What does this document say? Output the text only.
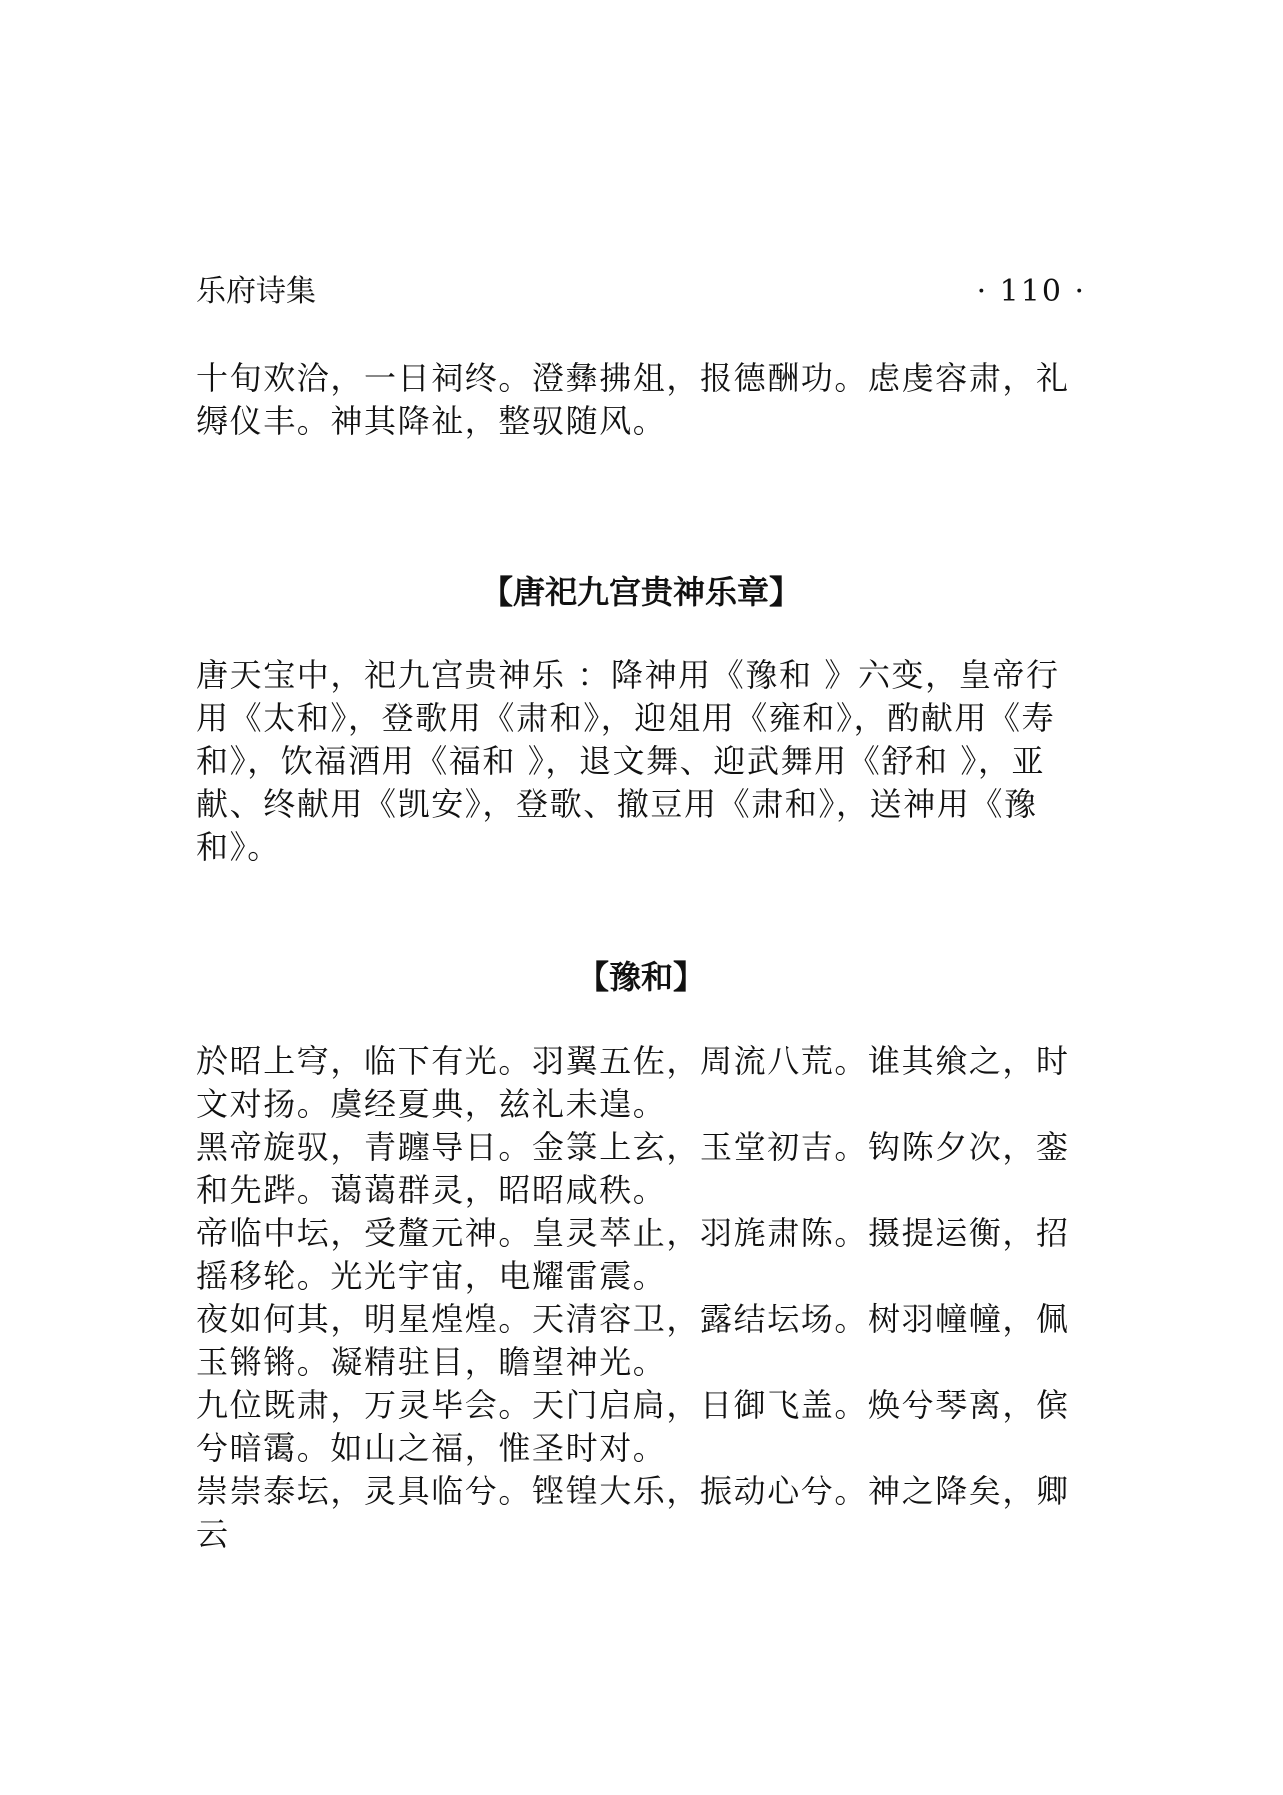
乐府诗集	· 110 ·

十旬欢洽，一日祠终。澄彝拂俎，报德酬功。虑虔容肃，礼缛仪丰。神其降祉，整驭随风。

【唐祀九宫贵神乐章】

唐天宝中，祀九宫贵神乐 ：降神用《豫和 》六变，皇帝行用《太和》，登歌用《肃和》，迎俎用《雍和》，酌献用《寿和》，饮福酒用《福和 》，退文舞、迎武舞用《舒和 》，亚献、终献用《凯安》，登歌、撤豆用《肃和》，送神用《豫和》。

【豫和】

於昭上穹，临下有光。羽翼五佐，周流八荒。谁其飨之，时文对扬。虞经夏典，兹礼未遑。

黑帝旋驭，青躔导日。金箓上玄，玉堂初吉。钩陈夕次，銮和先跸。蔼蔼群灵，昭昭咸秩。

帝临中坛，受釐元神。皇灵萃止，羽旄肃陈。摄提运衡，招摇移轮。光光宇宙，电耀雷震。

夜如何其，明星煌煌。天清容卫，露结坛场。树羽幢幢，佩玉锵锵。凝精驻目，瞻望神光。

九位既肃，万灵毕会。天门启扃，日御飞盖。焕兮琴离，傧兮暗霭。如山之福，惟圣时对。

崇崇泰坛，灵具临兮。铿锽大乐，振动心兮。神之降矣，卿云
